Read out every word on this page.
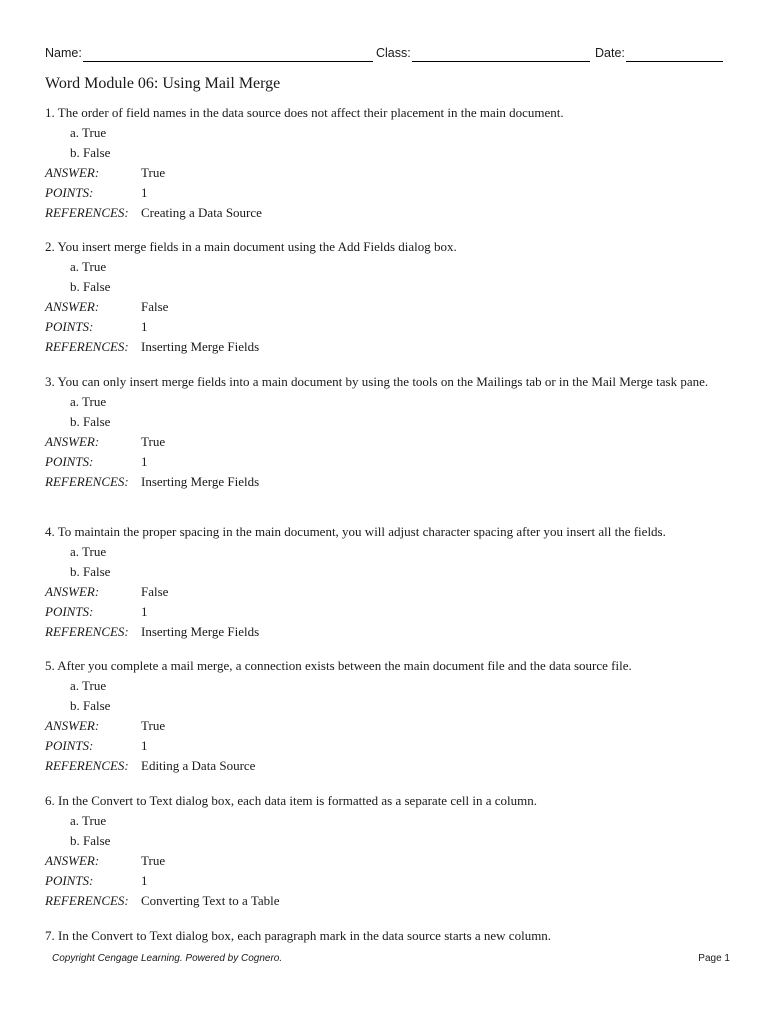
Name:	Class:	Date:
Word Module 06: Using Mail Merge
1. The order of field names in the data source does not affect their placement in the main document.
a. True
b. False
ANSWER:	True
POINTS:	1
REFERENCES: Creating a Data Source
2. You insert merge fields in a main document using the Add Fields dialog box.
a. True
b. False
ANSWER:	False
POINTS:	1
REFERENCES: Inserting Merge Fields
3. You can only insert merge fields into a main document by using the tools on the Mailings tab or in the Mail Merge task pane.
a. True
b. False
ANSWER:	True
POINTS:	1
REFERENCES: Inserting Merge Fields
4. To maintain the proper spacing in the main document, you will adjust character spacing after you insert all the fields.
a. True
b. False
ANSWER:	False
POINTS:	1
REFERENCES: Inserting Merge Fields
5. After you complete a mail merge, a connection exists between the main document file and the data source file.
a. True
b. False
ANSWER:	True
POINTS:	1
REFERENCES: Editing a Data Source
6. In the Convert to Text dialog box, each data item is formatted as a separate cell in a column.
a. True
b. False
ANSWER:	True
POINTS:	1
REFERENCES: Converting Text to a Table
7. In the Convert to Text dialog box, each paragraph mark in the data source starts a new column.
Copyright Cengage Learning. Powered by Cognero.	Page 1
